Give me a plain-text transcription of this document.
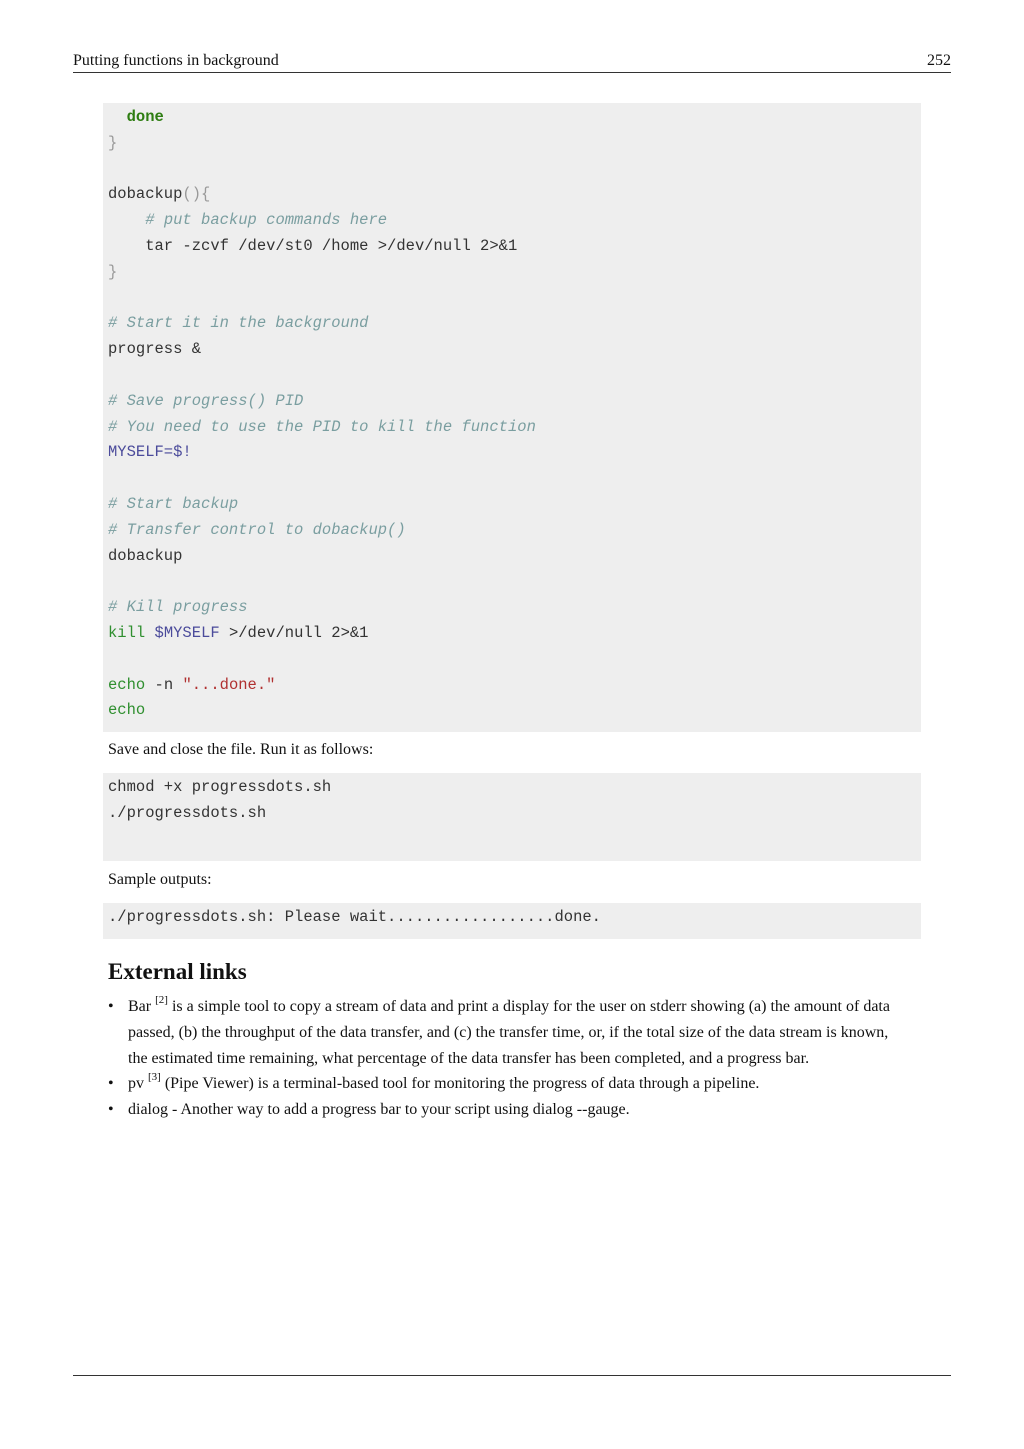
Putting functions in background	252
done
}
dobackup(){
# put backup commands here
tar -zcvf /dev/st0 /home >/dev/null 2>&1
}
# Start it in the background
progress &
# Save progress() PID
# You need to use the PID to kill the function
MYSELF=$!
# Start backup
# Transfer control to dobackup()
dobackup
# Kill progress
kill $MYSELF >/dev/null 2>&1
echo -n "...done."
echo
Save and close the file. Run it as follows:
chmod +x progressdots.sh
./progressdots.sh
Sample outputs:
./progressdots.sh: Please wait..................done.
External links
• Bar [2] is a simple tool to copy a stream of data and print a display for the user on stderr showing (a) the amount of data passed, (b) the throughput of the data transfer, and (c) the transfer time, or, if the total size of the data stream is known, the estimated time remaining, what percentage of the data transfer has been completed, and a progress bar.
• pv [3] (Pipe Viewer) is a terminal-based tool for monitoring the progress of data through a pipeline.
• dialog - Another way to add a progress bar to your script using dialog --gauge.
